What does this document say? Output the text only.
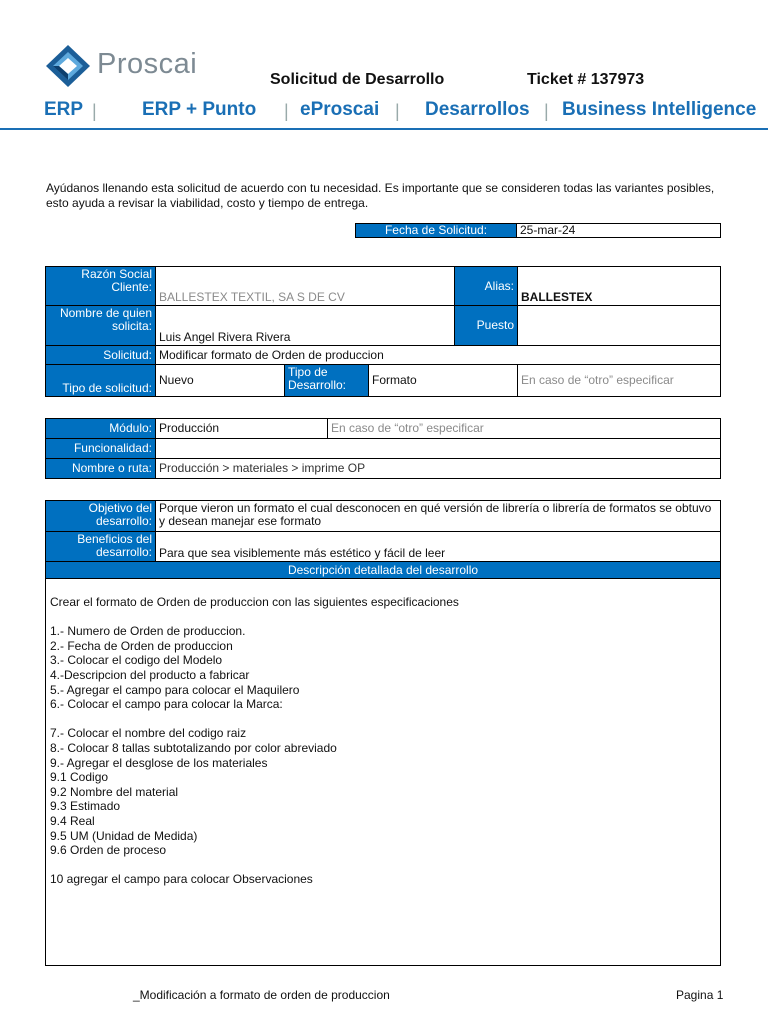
Proscai	Solicitud de Desarrollo	Ticket # 137973
ERP | ERP + Punto | eProscai | Desarrollos | Business Intelligence
Ayúdanos llenando esta solicitud de acuerdo con tu necesidad. Es importante que se consideren todas las variantes posibles, esto ayuda a revisar la viabilidad, costo y tiempo de entrega.
Fecha de Solicitud:	25-mar-24
Razón Social Cliente:
BALLESTEX TEXTIL, SA S DE CV
Alias:
BALLESTEX
Nombre de quien solicita:
Luis Angel Rivera Rivera
Puesto
Solicitud: Modificar formato de Orden de produccion
Tipo de solicitud:
Nuevo
Tipo de Desarrollo:	Formato	En caso de “otro” especificar
Módulo: Producción	En caso de “otro” especificar
Funcionalidad:
Nombre o ruta: Producción > materiales > imprime OP
Objetivo del desarrollo:
Porque vieron un formato el cual desconocen en qué versión de librería o librería de formatos se obtuvo y desean manejar ese formato
Beneficios del desarrollo: Para que sea visiblemente más estético y fácil de leer
Descripción detallada del desarrollo
Crear el formato de Orden de produccion con las siguientes especificaciones
1.- Numero de Orden de produccion.
2.- Fecha de Orden de produccion
3.- Colocar el codigo del Modelo
4.-Descripcion del producto a fabricar
5.- Agregar el campo para colocar el Maquilero
6.- Colocar el campo para colocar la Marca:
7.- Colocar el nombre del codigo raiz
8.- Colocar 8 tallas subtotalizando por color abreviado
9.- Agregar el desglose de los materiales
9.1 Codigo
9.2 Nombre del material
9.3 Estimado
9.4 Real
9.5 UM (Unidad de Medida)
9.6 Orden de proceso
10 agregar el campo para colocar Observaciones
_Modificación a formato de orden de produccion	Pagina 1
